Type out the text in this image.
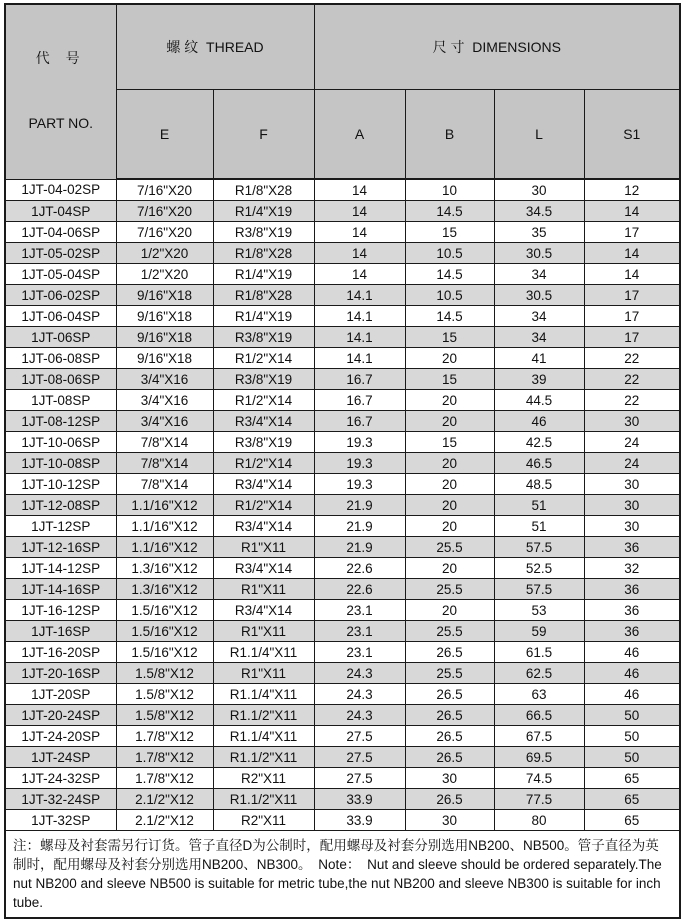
代 号

PART NO.	螺 纹  THREAD		尺 寸  DIMENSIONS			
	E	F	A	B	L	S1
1JT-04-02SP	7/16"X20	R1/8"X28	14	10	30	12
1JT-04SP	7/16"X20	R1/4"X19	14	14.5	34.5	14
1JT-04-06SP	7/16"X20	R3/8"X19	14	15	35	17
1JT-05-02SP	1/2"X20	R1/8"X28	14	10.5	30.5	14
1JT-05-04SP	1/2"X20	R1/4"X19	14	14.5	34	14
1JT-06-02SP	9/16"X18	R1/8"X28	14.1	10.5	30.5	17
1JT-06-04SP	9/16"X18	R1/4"X19	14.1	14.5	34	17
1JT-06SP	9/16"X18	R3/8"X19	14.1	15	34	17
1JT-06-08SP	9/16"X18	R1/2"X14	14.1	20	41	22
1JT-08-06SP	3/4"X16	R3/8"X19	16.7	15	39	22
1JT-08SP	3/4"X16	R1/2"X14	16.7	20	44.5	22
1JT-08-12SP	3/4"X16	R3/4"X14	16.7	20	46	30
1JT-10-06SP	7/8"X14	R3/8"X19	19.3	15	42.5	24
1JT-10-08SP	7/8"X14	R1/2"X14	19.3	20	46.5	24
1JT-10-12SP	7/8"X14	R3/4"X14	19.3	20	48.5	30
1JT-12-08SP	1.1/16"X12	R1/2"X14	21.9	20	51	30
1JT-12SP	1.1/16"X12	R3/4"X14	21.9	20	51	30
1JT-12-16SP	1.1/16"X12	R1"X11	21.9	25.5	57.5	36
1JT-14-12SP	1.3/16"X12	R3/4"X14	22.6	20	52.5	32
1JT-14-16SP	1.3/16"X12	R1"X11	22.6	25.5	57.5	36
1JT-16-12SP	1.5/16"X12	R3/4"X14	23.1	20	53	36
1JT-16SP	1.5/16"X12	R1"X11	23.1	25.5	59	36
1JT-16-20SP	1.5/16"X12	R1.1/4"X11	23.1	26.5	61.5	46
1JT-20-16SP	1.5/8"X12	R1"X11	24.3	25.5	62.5	46
1JT-20SP	1.5/8"X12	R1.1/4"X11	24.3	26.5	63	46
1JT-20-24SP	1.5/8"X12	R1.1/2"X11	24.3	26.5	66.5	50
1JT-24-20SP	1.7/8"X12	R1.1/4"X11	27.5	26.5	67.5	50
1JT-24SP	1.7/8"X12	R1.1/2"X11	27.5	26.5	69.5	50
1JT-24-32SP	1.7/8"X12	R2"X11	27.5	30	74.5	65
1JT-32-24SP	2.1/2"X12	R1.1/2"X11	33.9	26.5	77.5	65
1JT-32SP	2.1/2"X12	R2"X11	33.9	30	80	65
注：螺母及衬套需另行订货。管子直径D为公制时，配用螺母及衬套分别选用NB200、NB500。管子直径为英制时，配用螺母及衬套分别选用NB200、NB300。　Note：　Nut and sleeve should be ordered separately.The nut NB200 and sleeve NB500 is suitable for metric tube,the nut NB200 and sleeve NB300 is suitable for inch tube.						
